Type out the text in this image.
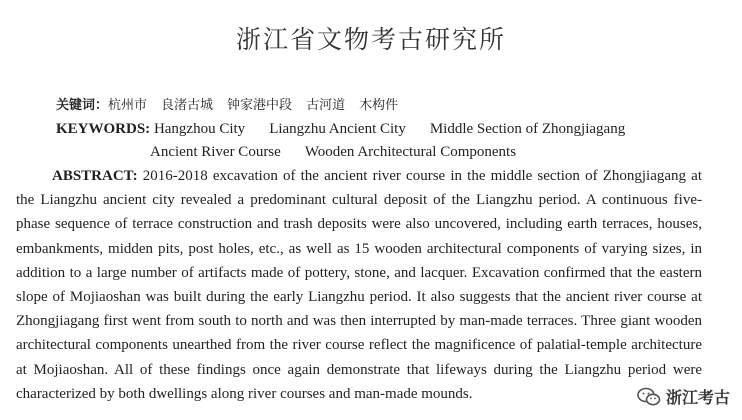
浙江省文物考古研究所
关键词：杭州市 良渚古城 钟家港中段 古河道 木构件
KEYWORDS: Hangzhou City Liangzhu Ancient City Middle Section of Zhongjiagang
Ancient River Course Wooden Architectural Components
ABSTRACT: 2016-2018 excavation of the ancient river course in the middle section of Zhongjiagang at the Liangzhu ancient city revealed a predominant cultural deposit of the Liangzhu period. A continuous five-phase sequence of terrace construction and trash deposits were also uncovered, including earth terraces, houses, embankments, midden pits, post holes, etc., as well as 15 wooden architectural components of varying sizes, in addition to a large number of artifacts made of pottery, stone, and lacquer. Excavation confirmed that the eastern slope of Mojiaoshan was built during the early Liangzhu period. It also suggests that the ancient river course at Zhongjiagang first went from south to north and was then interrupted by man-made terraces. Three giant wooden architectural components unearthed from the river course reflect the magnificence of palatial-temple architecture at Mojiaoshan. All of these findings once again demonstrate that lifeways during the Liangzhu period were characterized by both dwellings along river courses and man-made mounds.	浙江考古
